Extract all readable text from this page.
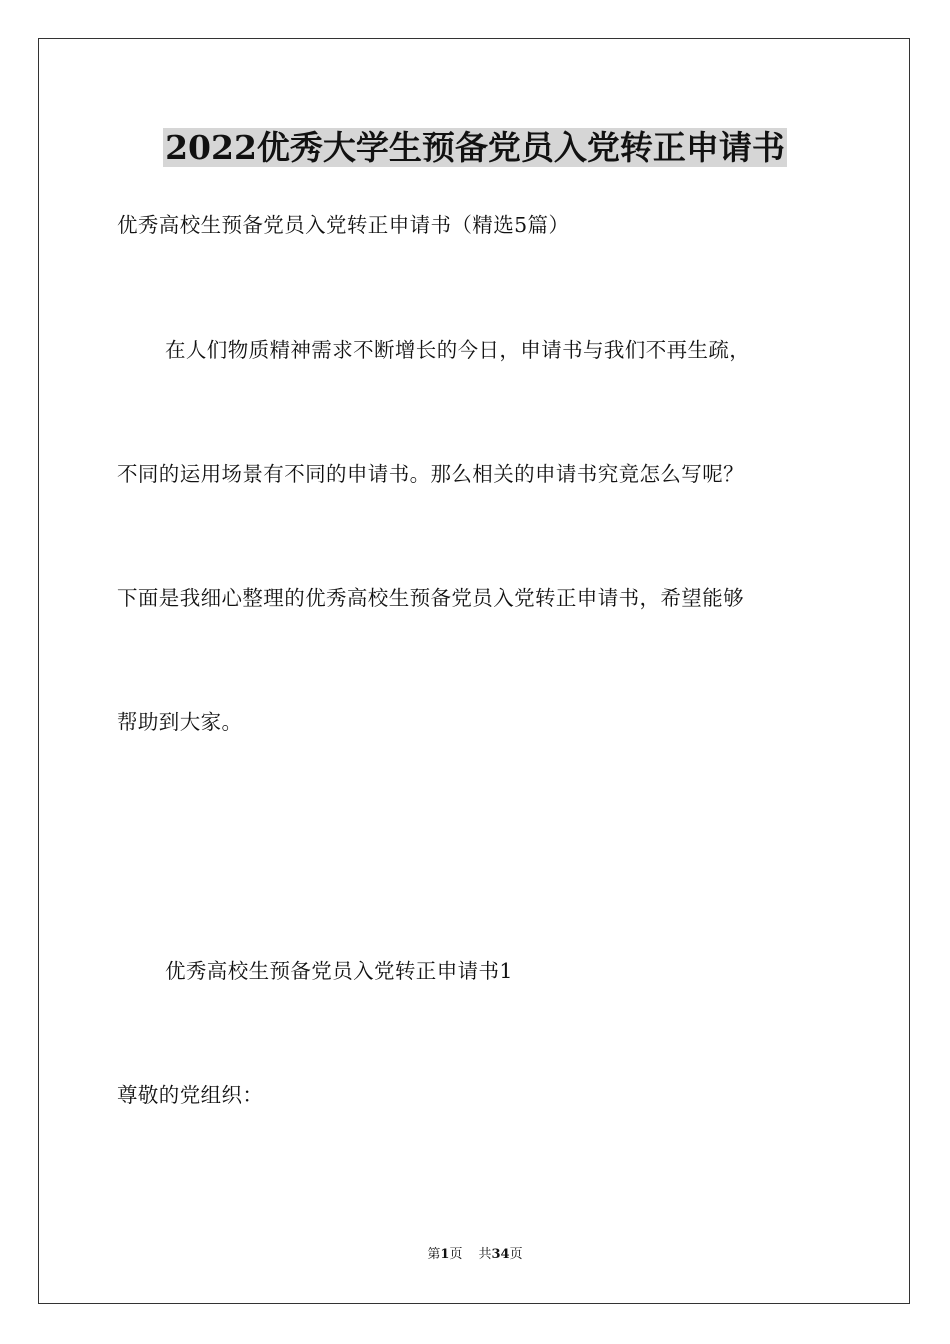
2022优秀大学生预备党员入党转正申请书
优秀高校生预备党员入党转正申请书（精选5篇）
在人们物质精神需求不断增长的今日，申请书与我们不再生疏，
不同的运用场景有不同的申请书。那么相关的申请书究竟怎么写呢？
下面是我细心整理的优秀高校生预备党员入党转正申请书，希望能够
帮助到大家。
优秀高校生预备党员入党转正申请书1
尊敬的党组织：
第1页 共34页
